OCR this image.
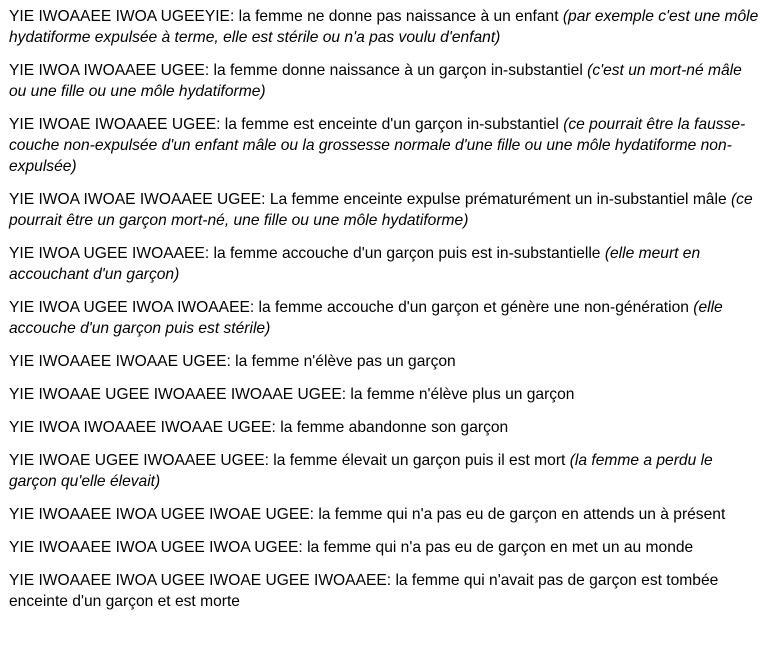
YIE IWOAAEE IWOA UGEEYIE: la femme ne donne pas naissance à un enfant (par exemple c'est une môle hydatiforme expulsée à terme, elle est stérile ou n'a pas voulu d'enfant)

YIE IWOA IWOAAEE UGEE: la femme donne naissance à un garçon in-substantiel (c'est un mort-né mâle ou une fille ou une môle hydatiforme)

YIE IWOAE IWOAAEE UGEE: la femme est enceinte d'un garçon in-substantiel (ce pourrait être la fausse-couche non-expulsée d'un enfant mâle ou la grossesse normale d'une fille ou une môle hydatiforme non-expulsée)

YIE IWOA IWOAE IWOAAEE UGEE: La femme enceinte expulse prématurément un in-substantiel mâle (ce pourrait être un garçon mort-né, une fille ou une môle hydatiforme)

YIE IWOA UGEE IWOAAEE: la femme accouche d'un garçon puis est in-substantielle (elle meurt en accouchant d'un garçon)

YIE IWOA UGEE IWOA IWOAAEE: la femme accouche d'un garçon et génère une non-génération (elle accouche d'un garçon puis est stérile)

YIE IWOAAEE IWOAAE UGEE: la femme n'élève pas un garçon

YIE IWOAAE UGEE IWOAAEE IWOAAE UGEE: la femme n'élève plus un garçon

YIE IWOA IWOAAEE IWOAAE UGEE: la femme abandonne son garçon

YIE IWOAE UGEE IWOAAEE UGEE: la femme élevait un garçon puis il est mort (la femme a perdu le garçon qu'elle élevait)

YIE IWOAAEE IWOA UGEE IWOAE UGEE: la femme qui n'a pas eu de garçon en attends un à présent

YIE IWOAAEE IWOA UGEE IWOA UGEE: la femme qui n'a pas eu de garçon en met un au monde

YIE IWOAAEE IWOA UGEE IWOAE UGEE IWOAAEE: la femme qui n'avait pas de garçon est tombée enceinte d'un garçon et est morte
